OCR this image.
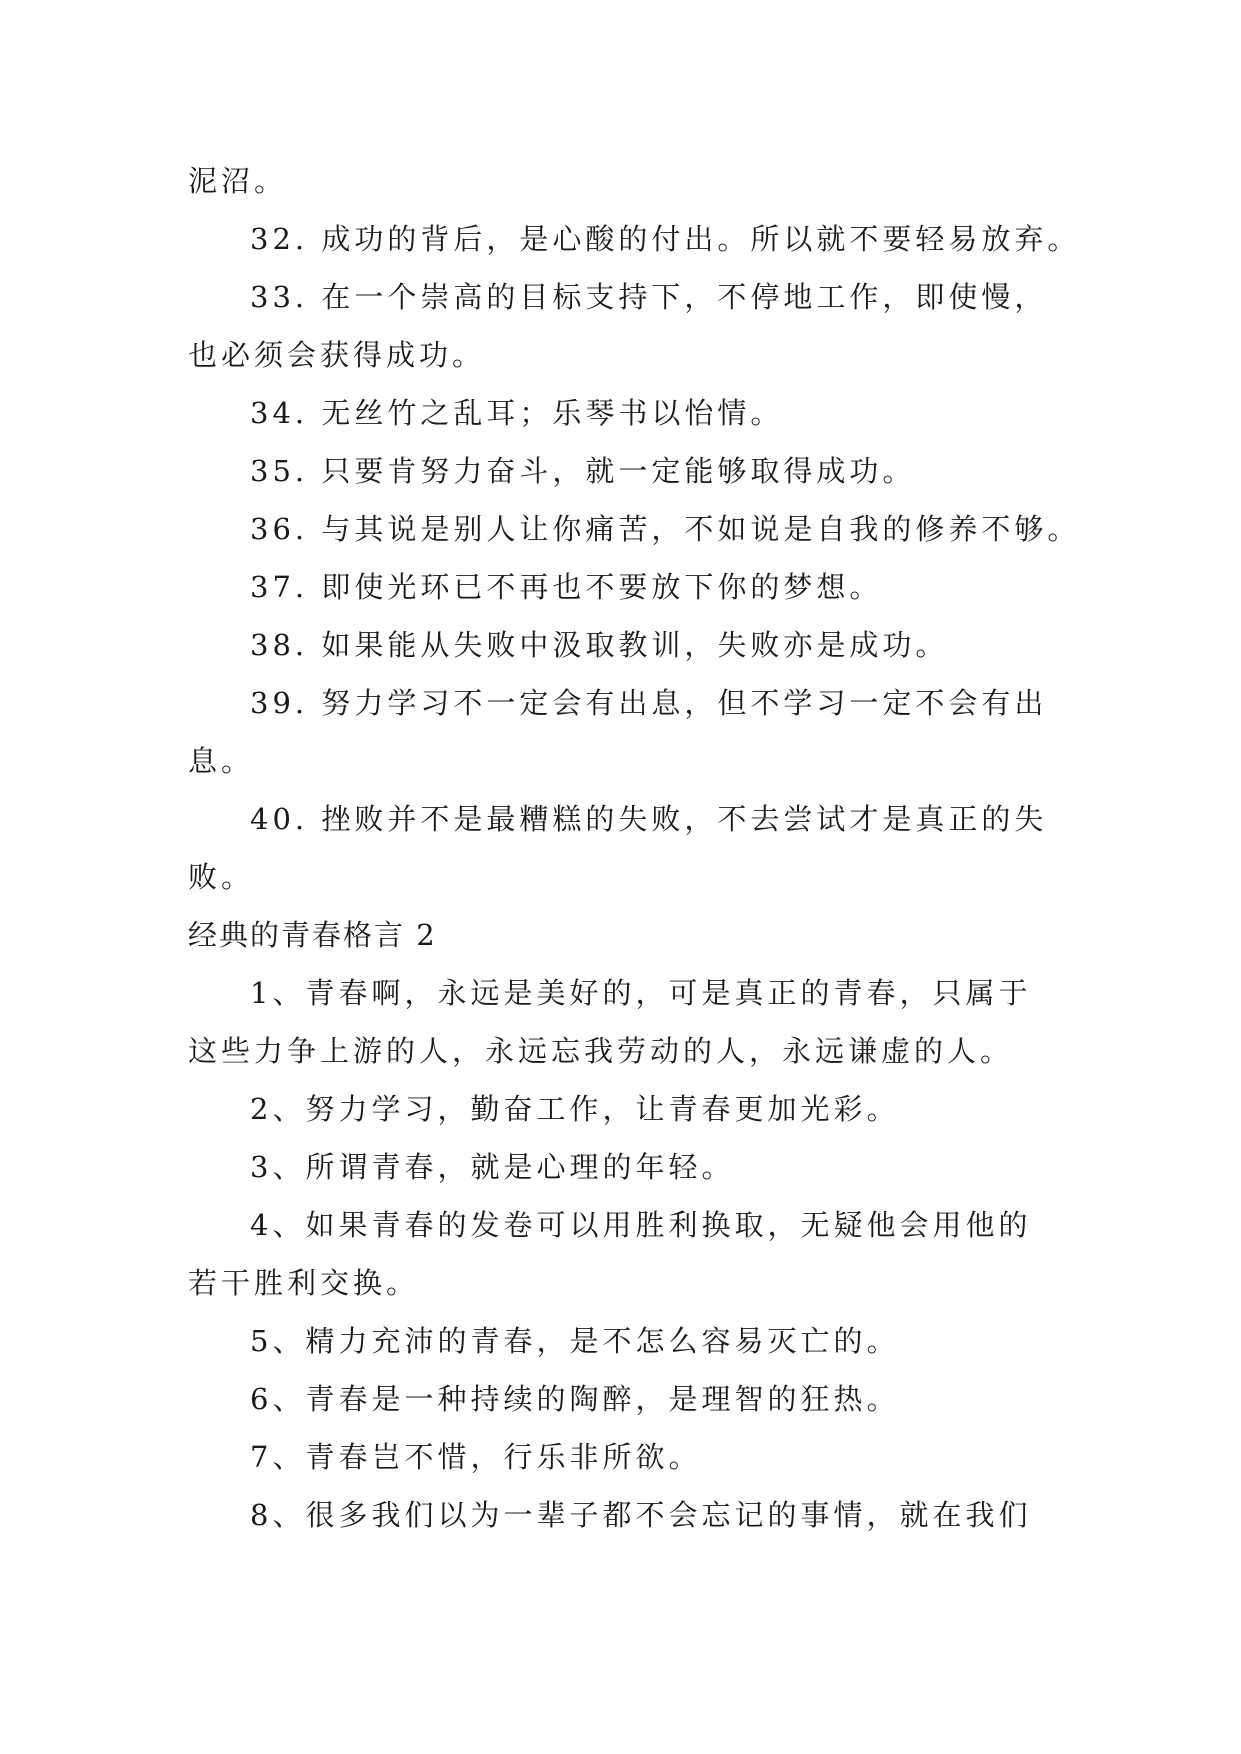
泥沼。
32. 成功的背后，是心酸的付出。所以就不要轻易放弃。
33. 在一个崇高的目标支持下，不停地工作，即使慢，
也必须会获得成功。
34. 无丝竹之乱耳；乐琴书以怡情。
35. 只要肯努力奋斗，就一定能够取得成功。
36. 与其说是别人让你痛苦，不如说是自我的修养不够。
37. 即使光环已不再也不要放下你的梦想。
38. 如果能从失败中汲取教训，失败亦是成功。
39. 努力学习不一定会有出息，但不学习一定不会有出
息。
40. 挫败并不是最糟糕的失败，不去尝试才是真正的失
败。
经典的青春格言 2
1、青春啊，永远是美好的，可是真正的青春，只属于
这些力争上游的人，永远忘我劳动的人，永远谦虚的人。
2、努力学习，勤奋工作，让青春更加光彩。
3、所谓青春，就是心理的年轻。
4、如果青春的发卷可以用胜利换取，无疑他会用他的
若干胜利交换。
5、精力充沛的青春，是不怎么容易灭亡的。
6、青春是一种持续的陶醉，是理智的狂热。
7、青春岂不惜，行乐非所欲。
8、很多我们以为一辈子都不会忘记的事情，就在我们
